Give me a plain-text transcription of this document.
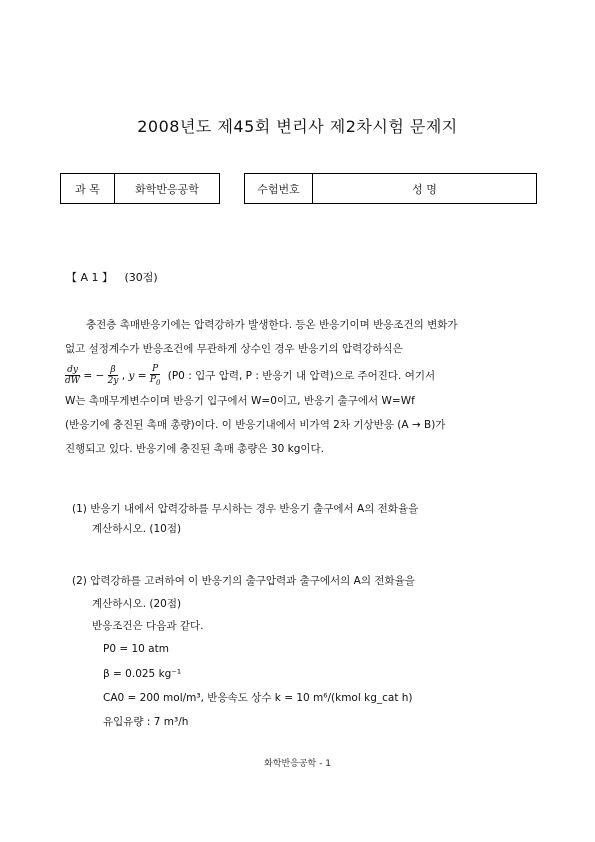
2008년도 제45회 변리사 제2차시험 문제지
과 목	화학반응공학	수험번호	성 명
【 A 1 】 (30점)
충전층 촉매반응기에는 압력강하가 발생한다. 등온 반응기이며 반응조건의 변화가
없고 설정계수가 반응조건에 무관하게 상수인 경우 반응기의 압력강하식은
$\frac{dy}{dW}$ = − $\frac{\beta}{2y}$ , $y = \frac{P}{P_0} (P0$ : 입구 압력, P : 반응기 내 압력)으로 주어진다. 여기서
W는 촉매무게변수이며 반응기 입구에서 W=0이고, 반응기 출구에서 W=Wf
(반응기에 충진된 촉매 총량)이다. 이 반응기내에서 비가역 2차 기상반응 (A → B)가
진행되고 있다. 반응기에 충진된 촉매 총량은 30 kg이다.
(1) 반응기 내에서 압력강하를 무시하는 경우 반응기 출구에서 A의 전화율을
계산하시오. (10점)
(2) 압력강하를 고려하여 이 반응기의 출구압력과 출구에서의 A의 전화율을
계산하시오. (20점)
반응조건은 다음과 같다.
P0 = 10 atm
β = 0.025 kg⁻¹
CA0 = 200 mol/m³, 반응속도 상수 k = 10 m⁶/(kmol kg_cat h)
유입유량 : 7 m³/h
화학반응공학 - 1
